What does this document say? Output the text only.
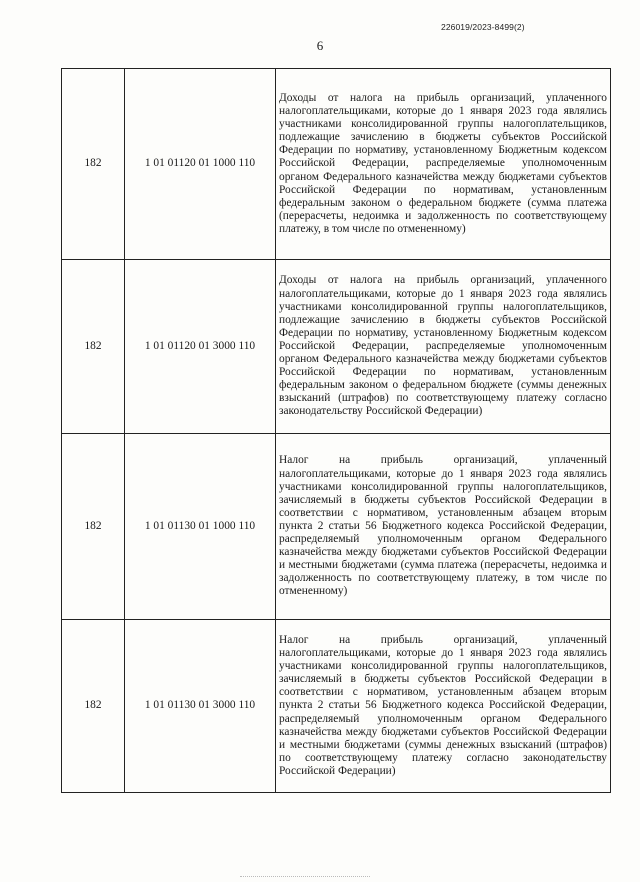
226019/2023-8499(2)
6
182	1 01 01120 01 1000 110	Доходы от налога на прибыль организаций, уплаченного налогоплательщиками, которые до 1 января 2023 года являлись участниками консолидированной группы налогоплательщиков, подлежащие зачислению в бюджеты субъектов Российской Федерации по нормативу, установленному Бюджетным кодексом Российской Федерации, распределяемые уполномоченным органом Федерального казначейства между бюджетами субъектов Российской Федерации по нормативам, установленным федеральным законом о федеральном бюджете (сумма платежа (перерасчеты, недоимка и задолженность по соответствующему платежу, в том числе по отмененному)
182	1 01 01120 01 3000 110	Доходы от налога на прибыль организаций, уплаченного налогоплательщиками, которые до 1 января 2023 года являлись участниками консолидированной группы налогоплательщиков, подлежащие зачислению в бюджеты субъектов Российской Федерации по нормативу, установленному Бюджетным кодексом Российской Федерации, распределяемые уполномоченным органом Федерального казначейства между бюджетами субъектов Российской Федерации по нормативам, установленным федеральным законом о федеральном бюджете (суммы денежных взысканий (штрафов) по соответствующему платежу согласно законодательству Российской Федерации)
182	1 01 01130 01 1000 110	Налог на прибыль организаций, уплаченный налогоплательщиками, которые до 1 января 2023 года являлись участниками консолидированной группы налогоплательщиков, зачисляемый в бюджеты субъектов Российской Федерации в соответствии с нормативом, установленным абзацем вторым пункта 2 статьи 56 Бюджетного кодекса Российской Федерации, распределяемый уполномоченным органом Федерального казначейства между бюджетами субъектов Российской Федерации и местными бюджетами (сумма платежа (перерасчеты, недоимка и задолженность по соответствующему платежу, в том числе по отмененному)
182	1 01 01130 01 3000 110	Налог на прибыль организаций, уплаченный налогоплательщиками, которые до 1 января 2023 года являлись участниками консолидированной группы налогоплательщиков, зачисляемый в бюджеты субъектов Российской Федерации в соответствии с нормативом, установленным абзацем вторым пункта 2 статьи 56 Бюджетного кодекса Российской Федерации, распределяемый уполномоченным органом Федерального казначейства между бюджетами субъектов Российской Федерации и местными бюджетами (суммы денежных взысканий (штрафов) по соответствующему платежу согласно законодательству Российской Федерации)
